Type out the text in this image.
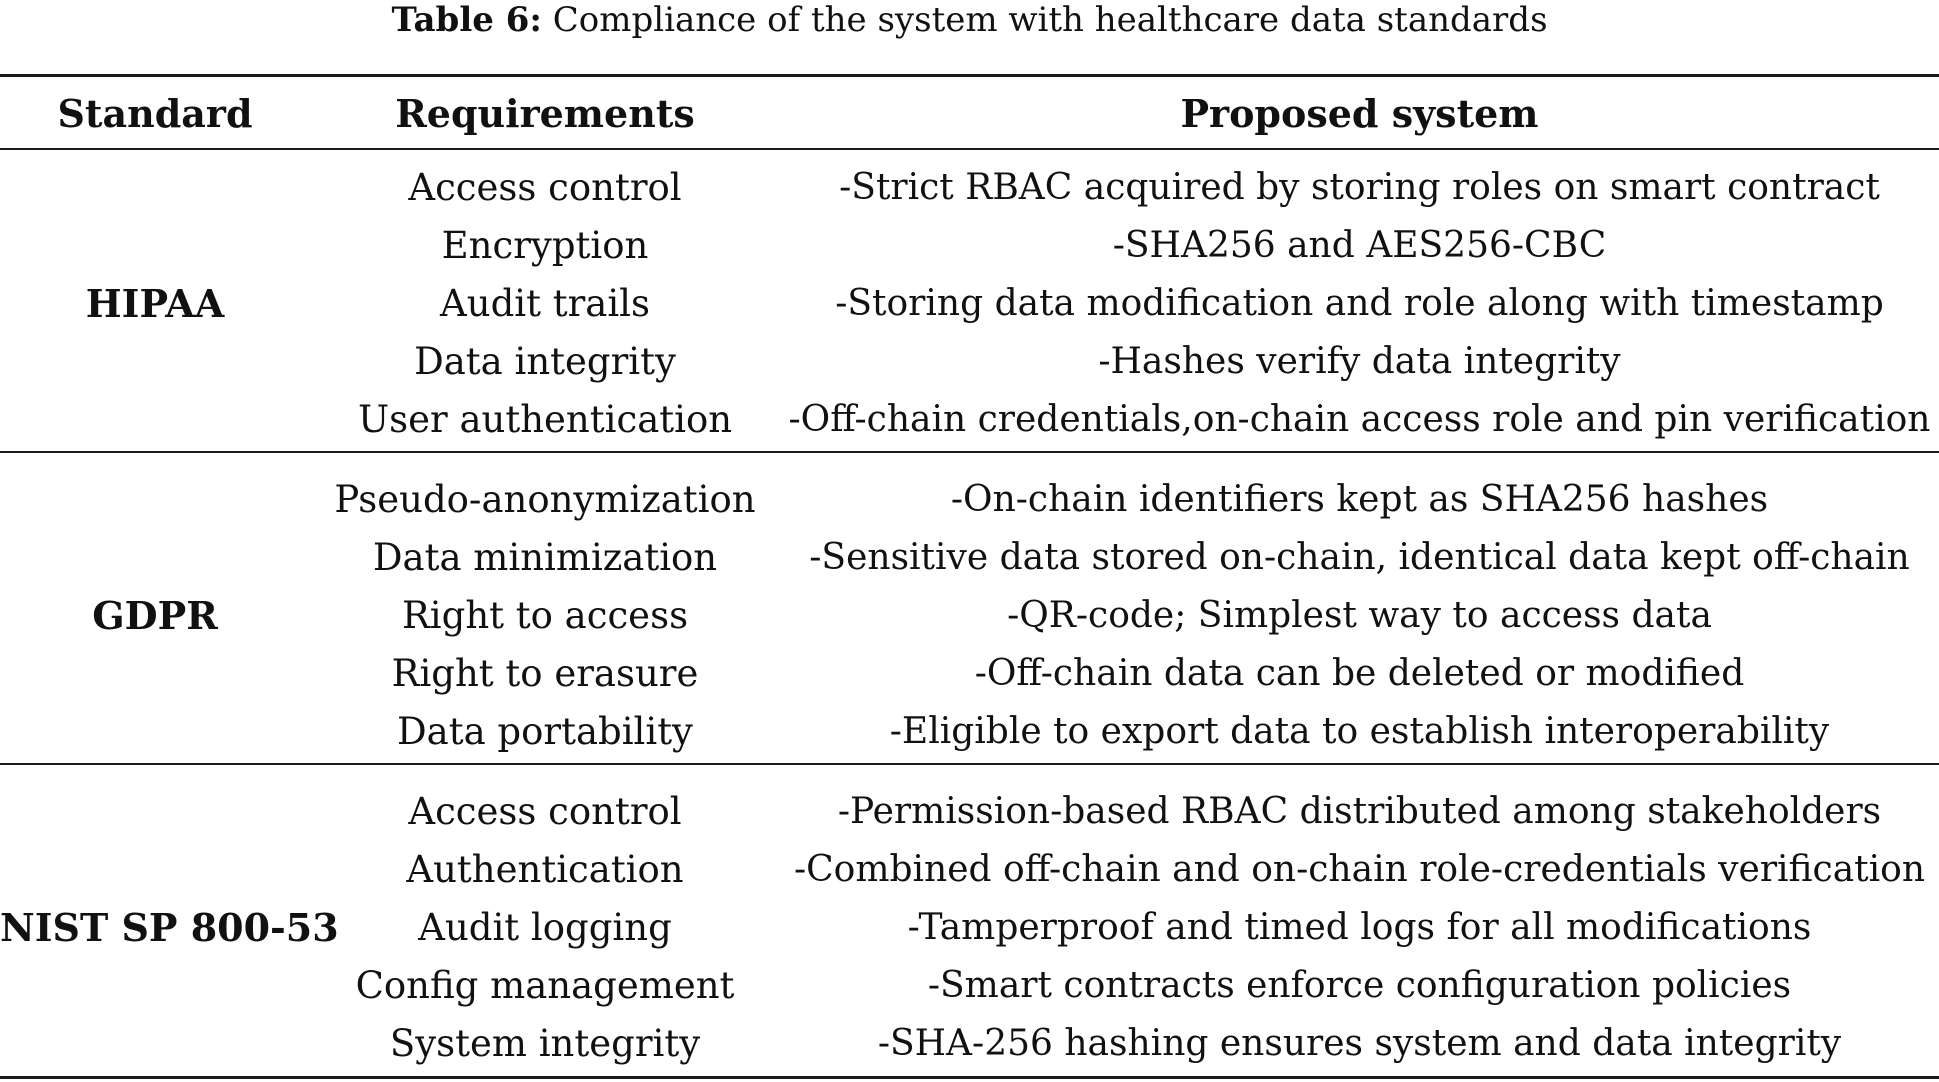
Table 6: Compliance of the system with healthcare data standards
Standard	Requirements	Proposed system
HIPAA
Access control	-Strict RBAC acquired by storing roles on smart contract
Encryption	-SHA256 and AES256-CBC
Audit trails	-Storing data modification and role along with timestamp
Data integrity	-Hashes verify data integrity
User authentication	-Off-chain credentials,on-chain access role and pin verification
GDPR
Pseudo-anonymization	-On-chain identifiers kept as SHA256 hashes
Data minimization	-Sensitive data stored on-chain, identical data kept off-chain
Right to access	-QR-code; Simplest way to access data
Right to erasure	-Off-chain data can be deleted or modified
Data portability	-Eligible to export data to establish interoperability
NIST SP 800-53
Access control	-Permission-based RBAC distributed among stakeholders
Authentication	-Combined off-chain and on-chain role-credentials verification
Audit logging	-Tamperproof and timed logs for all modifications
Config management	-Smart contracts enforce configuration policies
System integrity	-SHA-256 hashing ensures system and data integrity
